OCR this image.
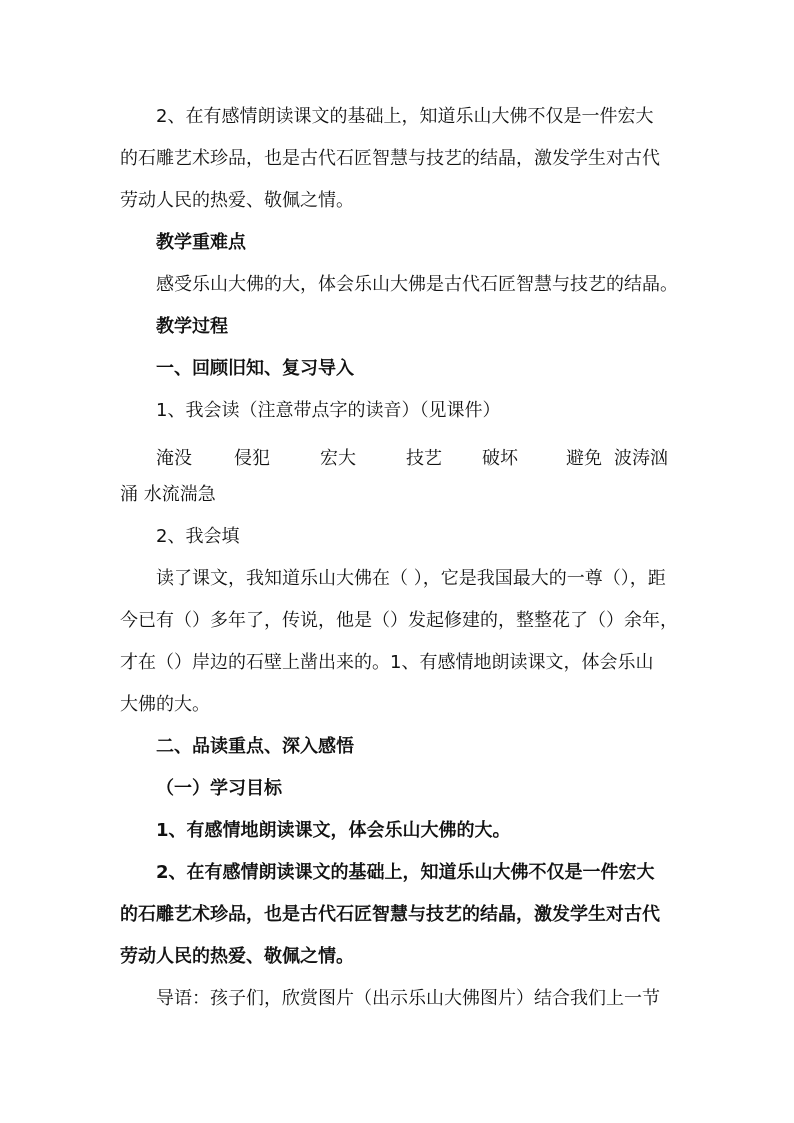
2、在有感情朗读课文的基础上，知道乐山大佛不仅是一件宏大
的石雕艺术珍品，也是古代石匠智慧与技艺的结晶，激发学生对古代
劳动人民的热爱、敬佩之情。
教学重难点
感受乐山大佛的大，体会乐山大佛是古代石匠智慧与技艺的结晶。
教学过程
一、回顾旧知、复习导入
1、我会读（注意带点字的读音）（见课件）
淹没 侵犯	宏大	技艺 破坏	避免 波涛汹
涌 水流湍急
2、我会填
读了课文，我知道乐山大佛在（ ），它是我国最大的一尊（），距
今已有（）多年了，传说，他是（）发起修建的，整整花了（）余年，
才在（）岸边的石壁上凿出来的。1、有感情地朗读课文，体会乐山
大佛的大。
二、品读重点、深入感悟
（一）学习目标
1、有感情地朗读课文，体会乐山大佛的大。
2、在有感情朗读课文的基础上，知道乐山大佛不仅是一件宏大
的石雕艺术珍品，也是古代石匠智慧与技艺的结晶，激发学生对古代
劳动人民的热爱、敬佩之情。
导语：孩子们，欣赏图片（出示乐山大佛图片）结合我们上一节
